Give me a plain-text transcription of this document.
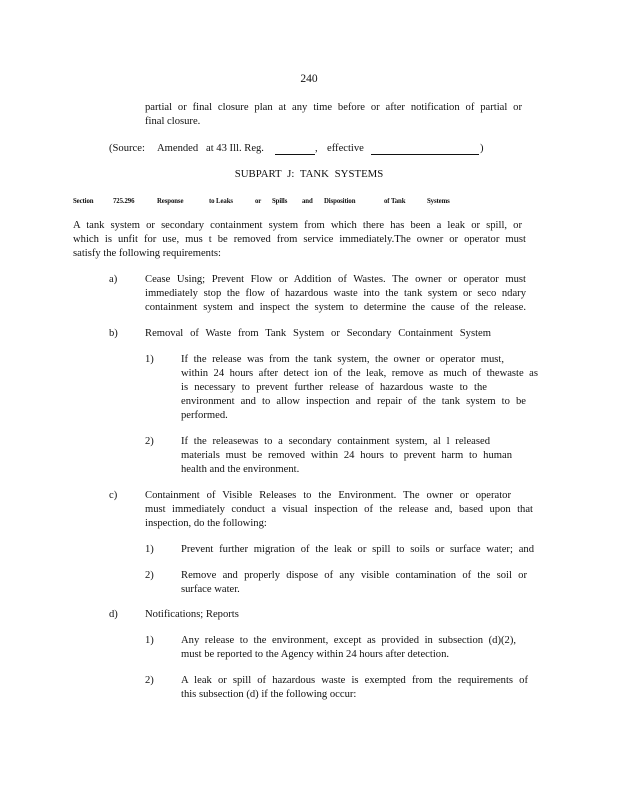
240
partial or final closure plan at any time before or after notification of partial or
final closure.
(Source: Amended at 43 Ill. Reg.	, effective	)
SUBPART J: TANK SYSTEMS
Section	725.296	Response	to Leaks	or Spills and Disposition	of Tank	Systems
A tank system or secondary containment system from which there has been a leak or spill, or
which is unfit for use, mus t be removed from service immediately.The owner or operator must
satisfy the following requirements:
a)	Cease Using; Prevent Flow or Addition of Wastes. The owner or operator must
immediately stop the flow of hazardous waste into the tank system or seco ndary
containment system and inspect the system to determine the cause of the release.
b)	Removal of Waste from Tank System or Secondary Containment System
1)	If the release was from the tank system, the owner or operator must,
within 24 hours after detect ion of the leak, remove as much of thewaste as
is necessary to prevent further release of hazardous waste to the
environment and to allow inspection and repair of the tank system to be
performed.
2)	If the releasewas to a secondary containment system, al l released
materials must be removed within 24 hours to prevent harm to human
health and the environment.
c)	Containment of Visible Releases to the Environment. The owner or operator
must immediately conduct a visual inspection of the release and, based upon that
inspection, do the following:
1)	Prevent further migration of the leak or spill to soils or surface water; and
2)	Remove and properly dispose of any visible contamination of the soil or
surface water.
d)	Notifications; Reports
1)	Any release to the environment, except as provided in subsection (d)(2),
must be reported to the Agency within 24 hours after detection.
2)	A leak or spill of hazardous waste is exempted from the requirements of
this subsection (d) if the following occur:
